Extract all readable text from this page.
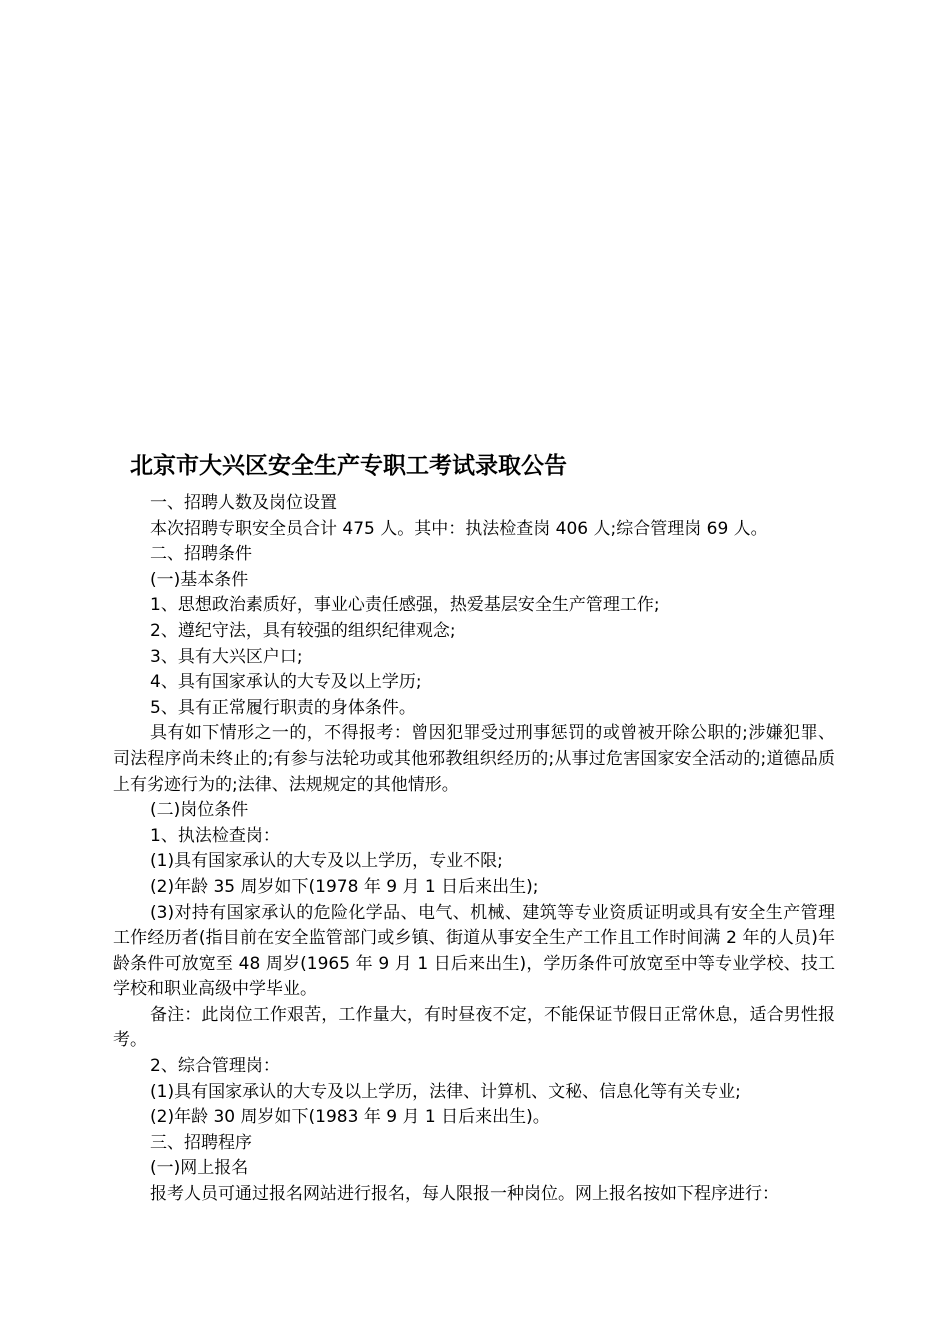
北京市大兴区安全生产专职工考试录取公告

一、招聘人数及岗位设置

本次招聘专职安全员合计 475 人。其中：执法检查岗 406 人;综合管理岗 69 人。

二、招聘条件

(一)基本条件

1、思想政治素质好，事业心责任感强，热爱基层安全生产管理工作;

2、遵纪守法，具有较强的组织纪律观念;

3、具有大兴区户口;

4、具有国家承认的大专及以上学历;

5、具有正常履行职责的身体条件。

具有如下情形之一的，不得报考：曾因犯罪受过刑事惩罚的或曾被开除公职的;涉嫌犯罪、司法程序尚未终止的;有参与法轮功或其他邪教组织经历的;从事过危害国家安全活动的;道德品质上有劣迹行为的;法律、法规规定的其他情形。

(二)岗位条件

1、执法检查岗：

(1)具有国家承认的大专及以上学历，专业不限;

(2)年龄 35 周岁如下(1978 年 9 月 1 日后来出生);

(3)对持有国家承认的危险化学品、电气、机械、建筑等专业资质证明或具有安全生产管理工作经历者(指目前在安全监管部门或乡镇、街道从事安全生产工作且工作时间满 2 年的人员)年龄条件可放宽至 48 周岁(1965 年 9 月 1 日后来出生)，学历条件可放宽至中等专业学校、技工学校和职业高级中学毕业。

备注：此岗位工作艰苦，工作量大，有时昼夜不定，不能保证节假日正常休息，适合男性报考。

2、综合管理岗：

(1)具有国家承认的大专及以上学历，法律、计算机、文秘、信息化等有关专业;

(2)年龄 30 周岁如下(1983 年 9 月 1 日后来出生)。

三、招聘程序

(一)网上报名

报考人员可通过报名网站进行报名，每人限报一种岗位。网上报名按如下程序进行：
